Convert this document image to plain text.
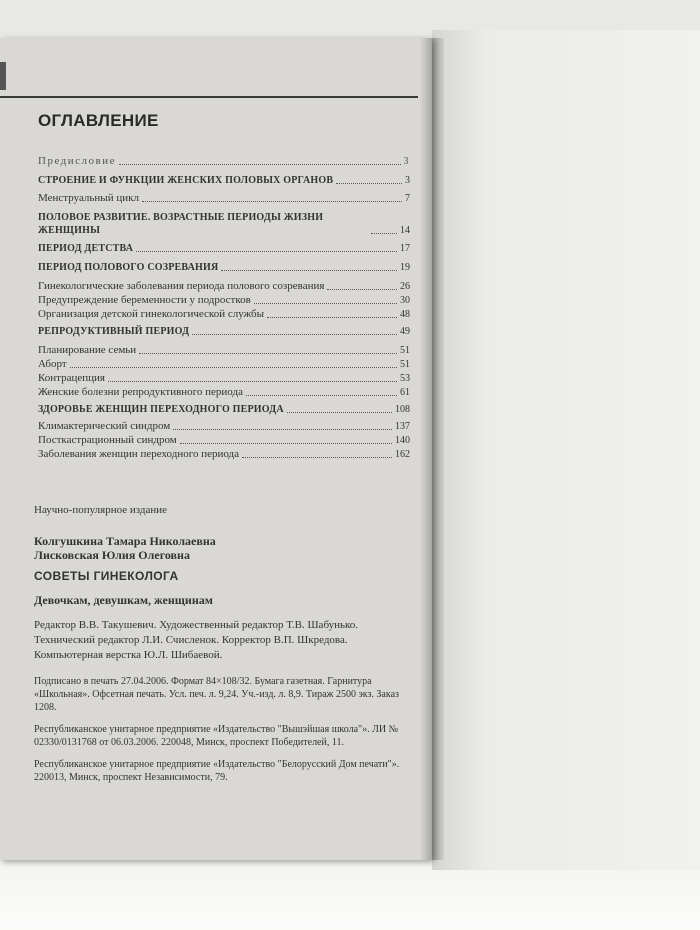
ОГЛАВЛЕНИЕ
Предисловие	3
СТРОЕНИЕ И ФУНКЦИИ ЖЕНСКИХ ПОЛОВЫХ ОРГАНОВ	3
Менструальный цикл	7
ПОЛОВОЕ РАЗВИТИЕ. ВОЗРАСТНЫЕ ПЕРИОДЫ ЖИЗНИ ЖЕНЩИНЫ	14
ПЕРИОД ДЕТСТВА	17
ПЕРИОД ПОЛОВОГО СОЗРЕВАНИЯ	19
Гинекологические заболевания периода полового созревания	26
Предупреждение беременности у подростков	30
Организация детской гинекологической службы	48
РЕПРОДУКТИВНЫЙ ПЕРИОД	49
Планирование семьи	51
Аборт	51
Контрацепция	53
Женские болезни репродуктивного периода	61
ЗДОРОВЬЕ ЖЕНЩИН ПЕРЕХОДНОГО ПЕРИОДА	108
Климактерический синдром	137
Посткастрационный синдром	140
Заболевания женщин переходного периода	162

Научно-популярное издание

Колгушкина Тамара Николаевна

Лисковская Юлия Олеговна

СОВЕТЫ ГИНЕКОЛОГА

Девочкам, девушкам, женщинам

Редактор В.В. Такушевич. Художественный редактор Т.В. Шабунько.
Технический редактор Л.И. Счисленок. Корректор В.П. Шкредова.
Компьютерная верстка Ю.Л. Шибаевой.

Подписано в печать 27.04.2006. Формат 84×108/32. Бумага газетная. Гарнитура «Школьная». Офсетная печать. Усл. печ. л. 9,24. Уч.-изд. л. 8,9. Тираж 2500 экз. Заказ 1208.

Республиканское унитарное предприятие «Издательство "Вышэйшая школа"». ЛИ № 02330/0131768 от 06.03.2006. 220048, Минск, проспект Победителей, 11.

Республиканское унитарное предприятие «Издательство "Белорусский Дом печати"». 220013, Минск, проспект Независимости, 79.
